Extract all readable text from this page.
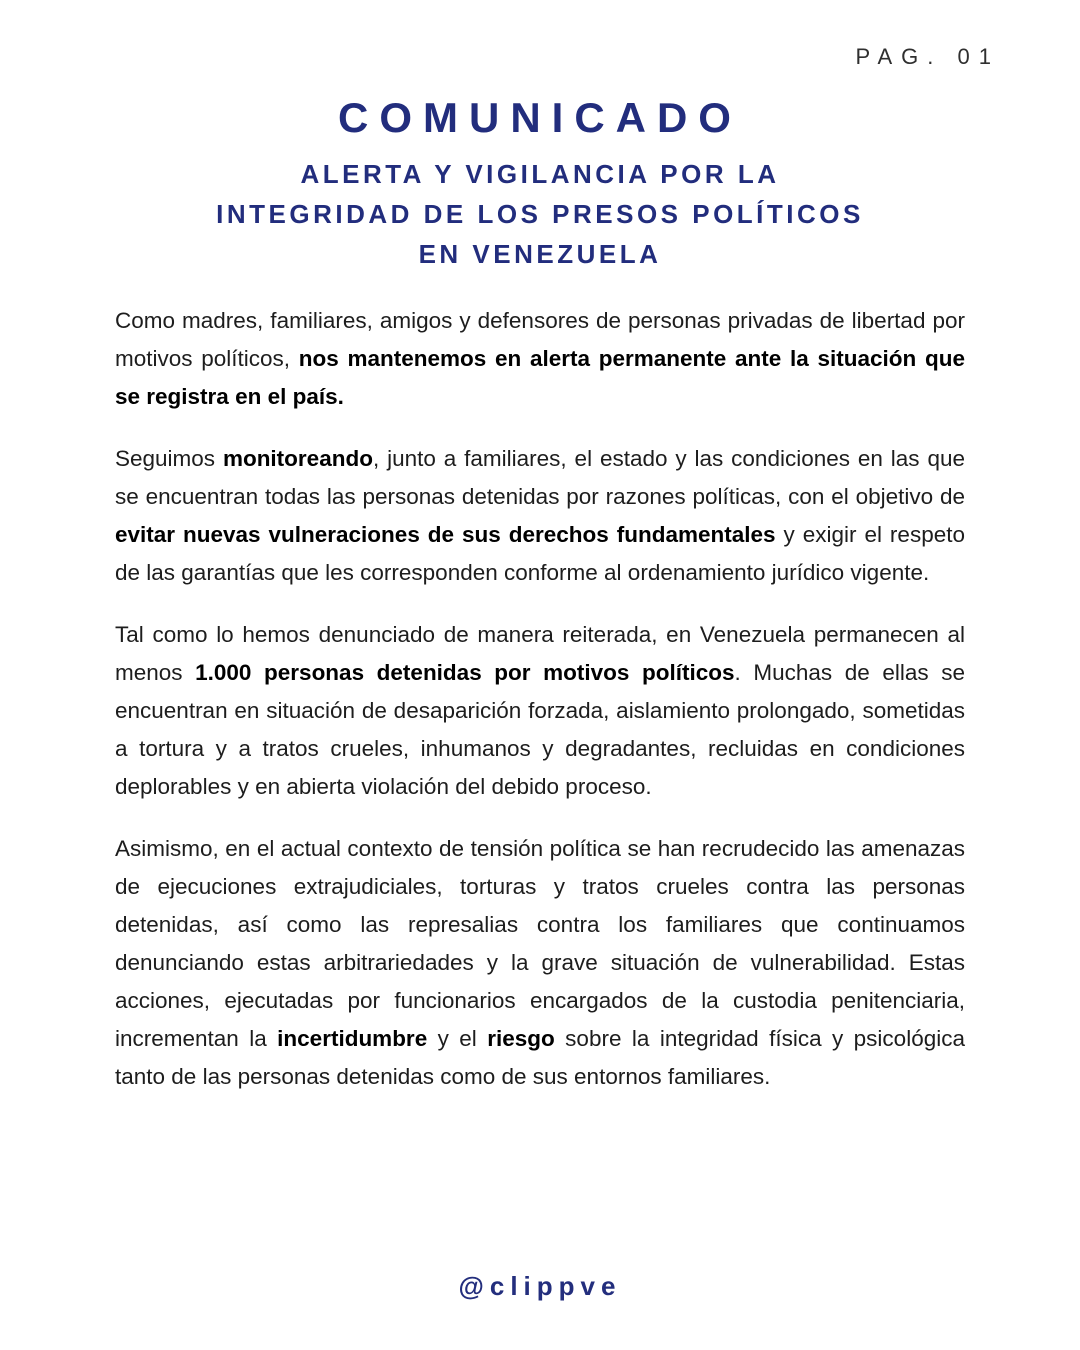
PAG. 01
COMUNICADO
ALERTA Y VIGILANCIA POR LA
INTEGRIDAD DE LOS PRESOS POLÍTICOS
EN VENEZUELA

Como madres, familiares, amigos y defensores de personas privadas de libertad por motivos políticos, nos mantenemos en alerta permanente ante la situación que se registra en el país.

Seguimos monitoreando, junto a familiares, el estado y las condiciones en las que se encuentran todas las personas detenidas por razones políticas, con el objetivo de evitar nuevas vulneraciones de sus derechos fundamentales y exigir el respeto de las garantías que les corresponden conforme al ordenamiento jurídico vigente.

Tal como lo hemos denunciado de manera reiterada, en Venezuela permanecen al menos 1.000 personas detenidas por motivos políticos. Muchas de ellas se encuentran en situación de desaparición forzada, aislamiento prolongado, sometidas a tortura y a tratos crueles, inhumanos y degradantes, recluidas en condiciones deplorables y en abierta violación del debido proceso.

Asimismo, en el actual contexto de tensión política se han recrudecido las amenazas de ejecuciones extrajudiciales, torturas y tratos crueles contra las personas detenidas, así como las represalias contra los familiares que continuamos denunciando estas arbitrariedades y la grave situación de vulnerabilidad. Estas acciones, ejecutadas por funcionarios encargados de la custodia penitenciaria, incrementan la incertidumbre y el riesgo sobre la integridad física y psicológica tanto de las personas detenidas como de sus entornos familiares.

@clippve
